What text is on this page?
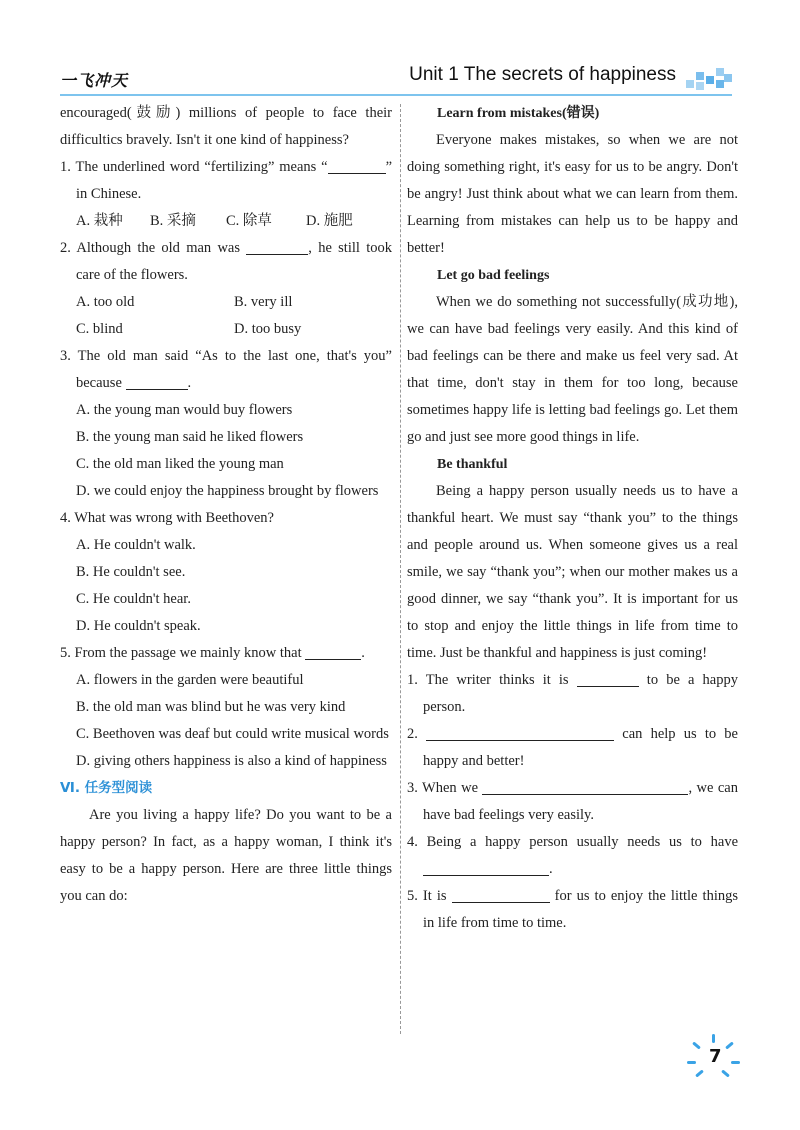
一飞冲天	Unit 1 The secrets of happiness

encouraged(鼓励) millions of people to face their difficultics bravely. Isn't it one kind of happiness?

1. The underlined word “fertilizing” means “	” in Chinese.

A. 栽种 B. 采摘 C. 除草 D. 施肥

2. Although the old man was	, he still took care of the flowers.

A. too old	B. very ill

C. blind	D. too busy

3. The old man said “As to the last one, that's you” because	.

A. the young man would buy flowers

B. the young man said he liked flowers

C. the old man liked the young man

D. we could enjoy the happiness brought by flowers

4. What was wrong with Beethoven?

A. He couldn't walk.

B. He couldn't see.

C. He couldn't hear.

D. He couldn't speak.

5. From the passage we mainly know that	.

A. flowers in the garden were beautiful

B. the old man was blind but he was very kind

C. Beethoven was deaf but could write musical words

D. giving others happiness is also a kind of happiness

Ⅵ. 任务型阅读

Are you living a happy life? Do you want to be a happy person? In fact, as a happy woman, I think it's easy to be a happy person. Here are three little things you can do:

Learn from mistakes(错误)

Everyone makes mistakes, so when we are not doing something right, it's easy for us to be angry. Don't be angry! Just think about what we can learn from them. Learning from mistakes can help us to be happy and better!

Let go bad feelings

When we do something not successfully(成功地), we can have bad feelings very easily. And this kind of bad feelings can be there and make us feel very sad. At that time, don't stay in them for too long, because sometimes happy life is letting bad feelings go. Let them go and just see more good things in life.

Be thankful

Being a happy person usually needs us to have a thankful heart. We must say “thank you” to the things and people around us. When someone gives us a real smile, we say “thank you”; when our mother makes us a good dinner, we say “thank you”. It is important for us to stop and enjoy the little things in life from time to time. Just be thankful and happiness is just coming!

1. The writer thinks it is	to be a happy person.

2.	can help us to be happy and better!

3. When we	, we can have bad feelings very easily.

4. Being a happy person usually needs us to have .

5. It is	for us to enjoy the little things in life from time to time.

7
